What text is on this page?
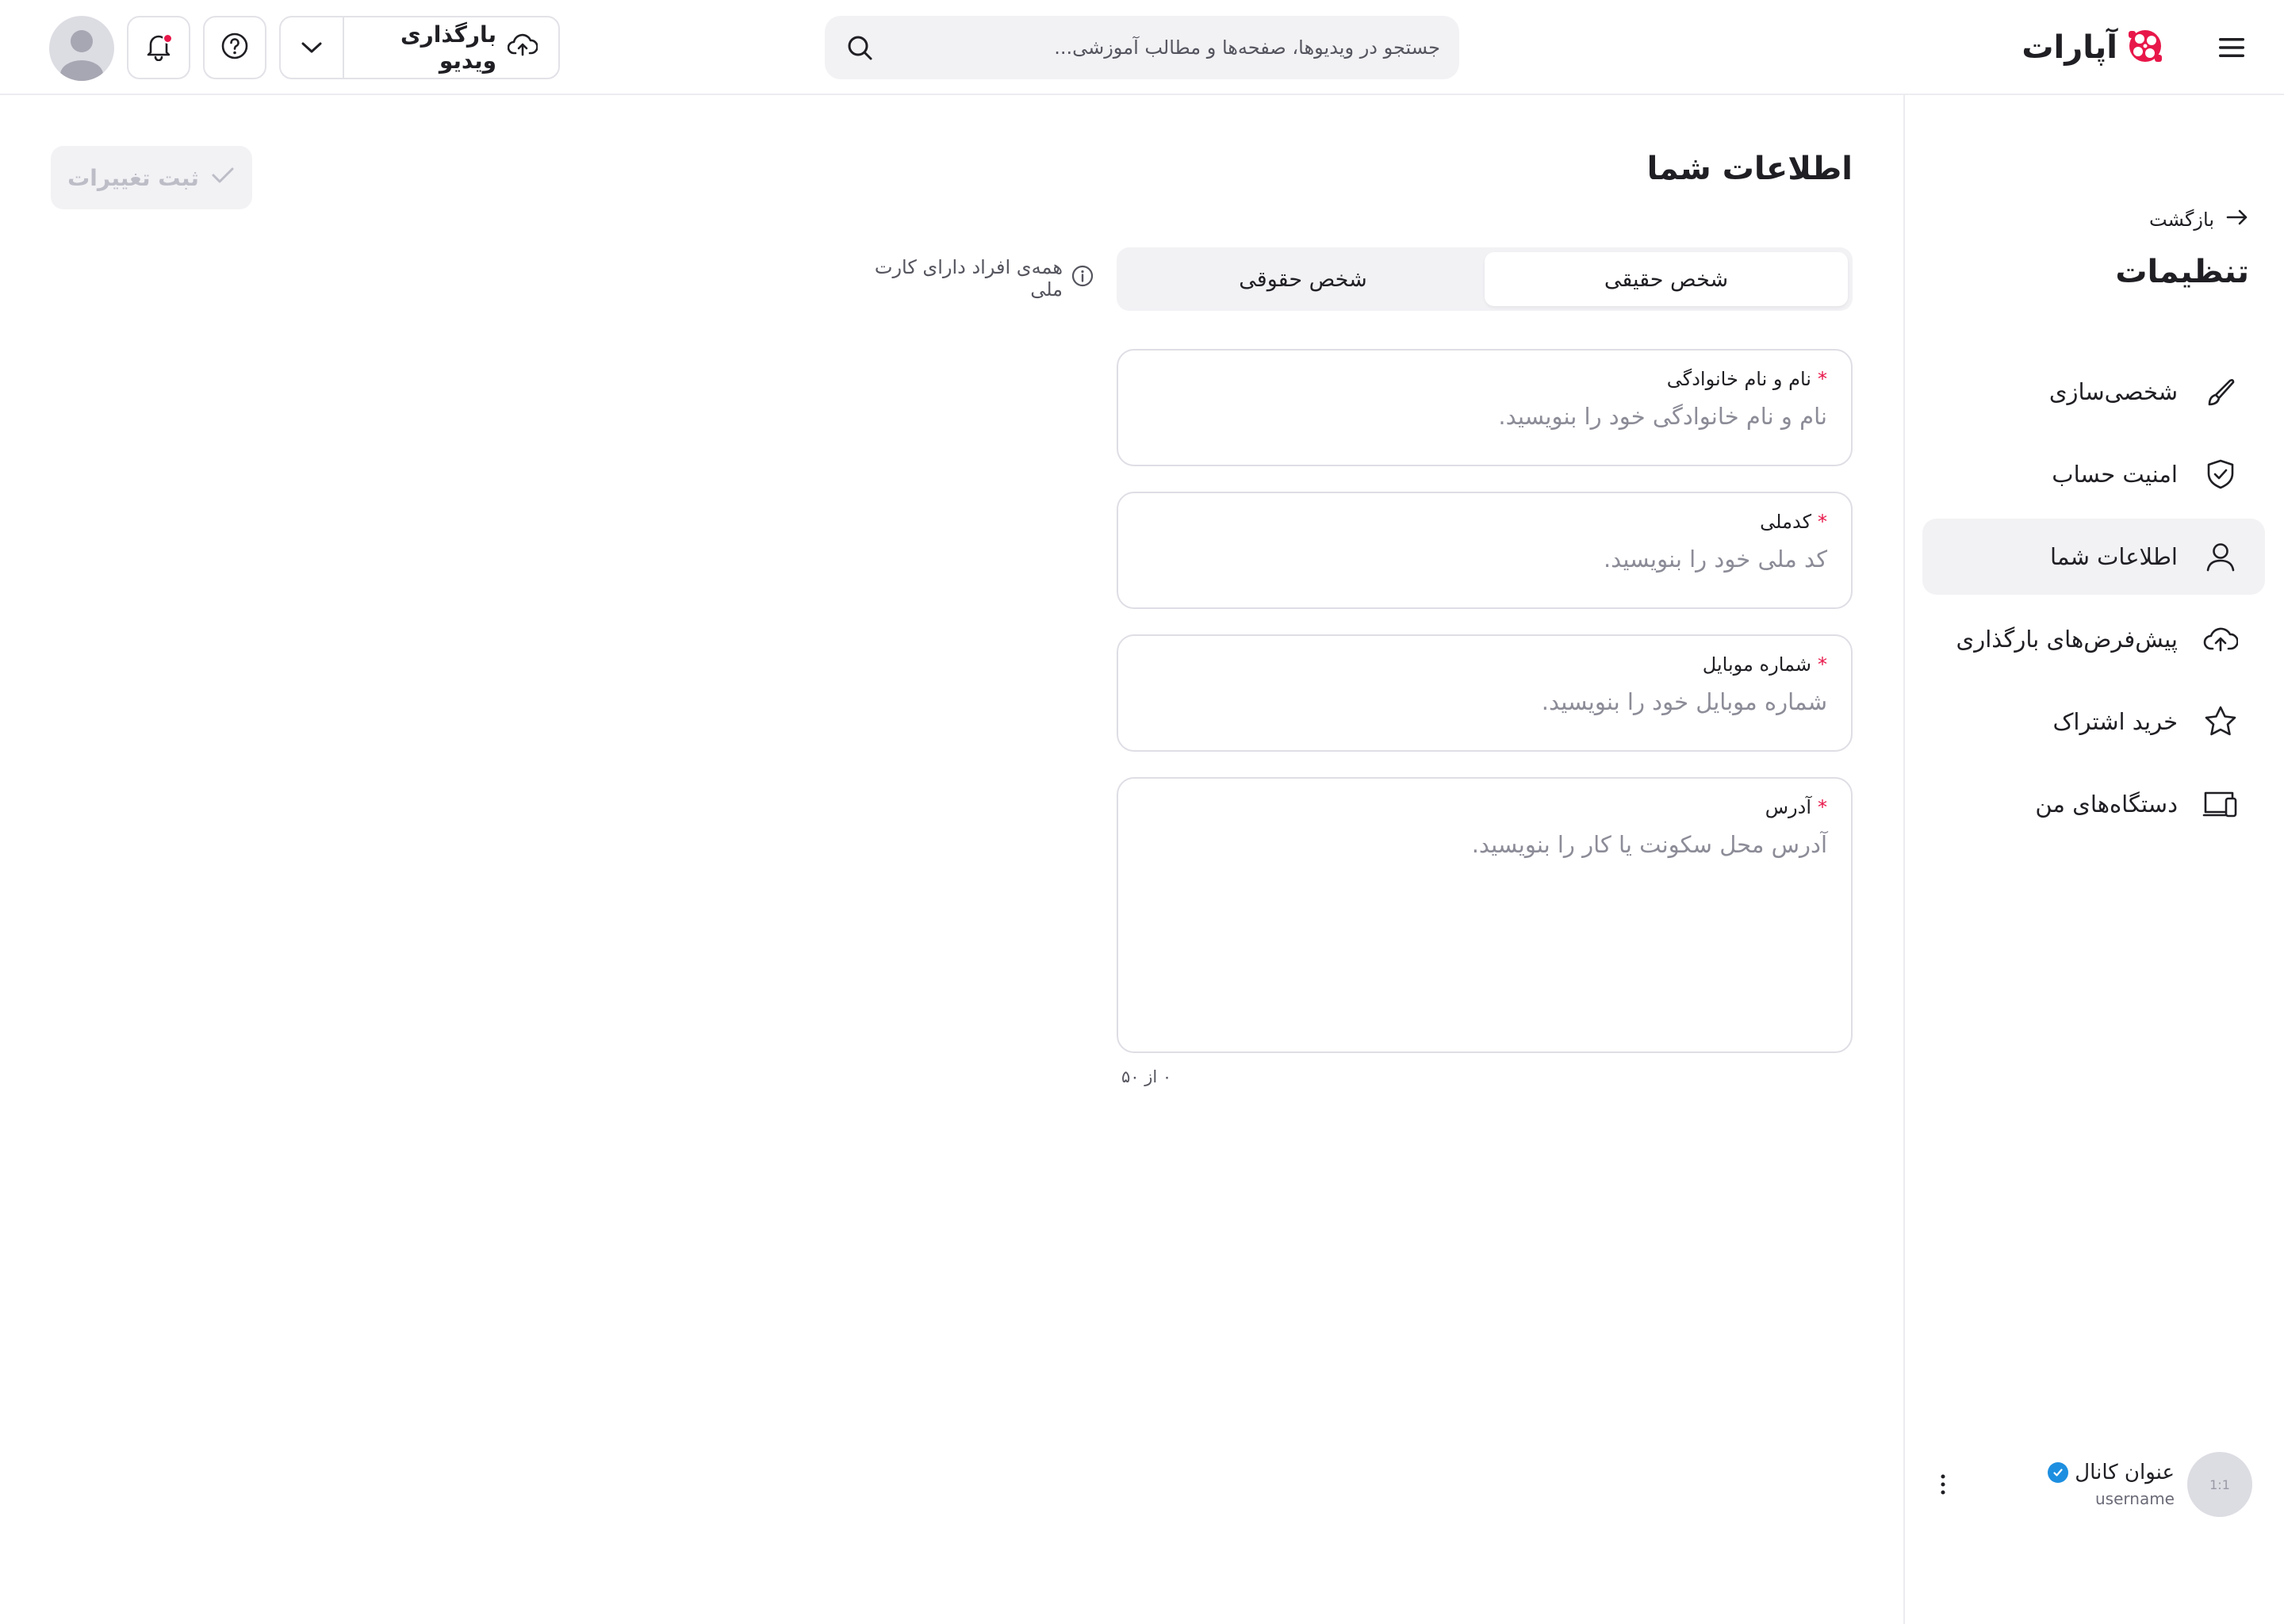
آپارات
جستجو در ویدیوها، صفحه‌ها و مطالب آموزشی...
بارگذاری ویدیو
بازگشت
تنظیمات
شخصی‌سازی
امنیت حساب
اطلاعات شما
پیش‌فرض‌های بارگذاری
خرید اشتراک
دستگاه‌های من
1:1
عنوان کانال
username
اطلاعات شما
ثبت تغییرات
شخص حقیقی
شخص حقوقی
همه‌ی افراد دارای کارت ملی
*
نام و نام خانوادگی
نام و نام خانوادگی خود را بنویسید.
*
کدملی
کد ملی خود را بنویسید.
*
شماره موبایل
شماره موبایل خود را بنویسید.
*
آدرس
آدرس محل سکونت یا کار را بنویسید.
۰ از ۵۰
